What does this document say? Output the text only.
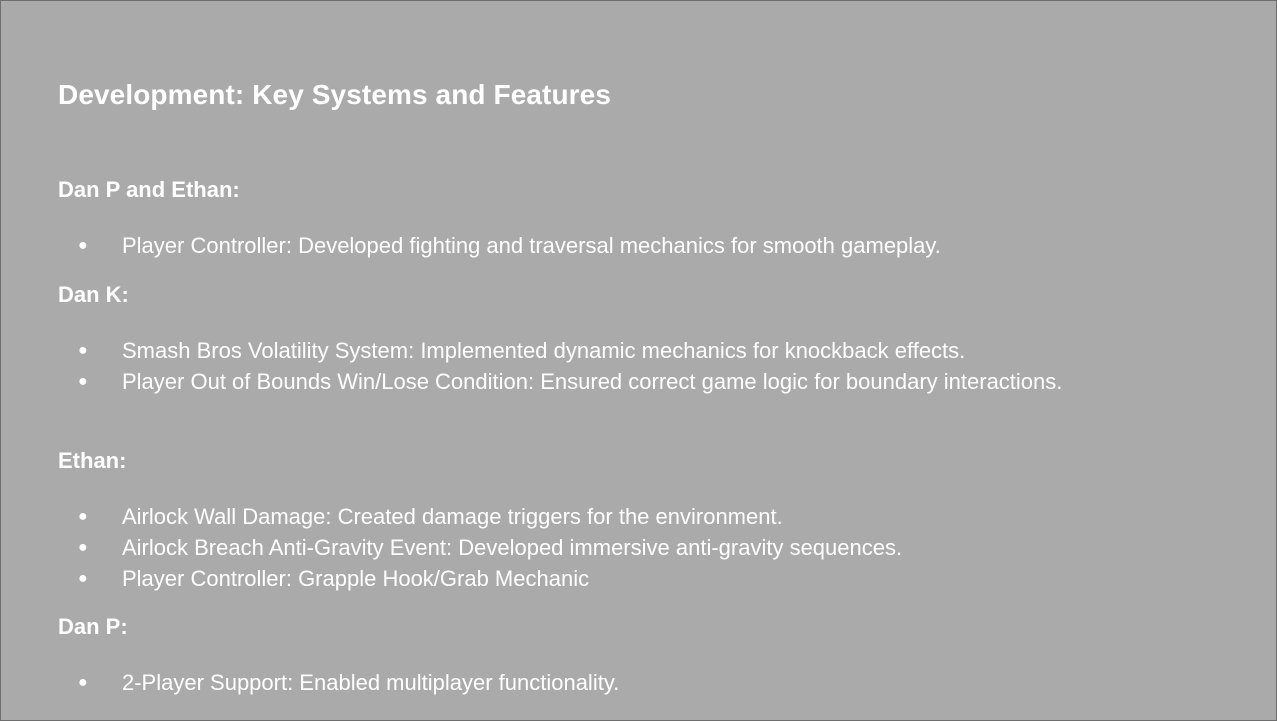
Development: Key Systems and Features

Dan P and Ethan:

● Player Controller: Developed fighting and traversal mechanics for smooth gameplay.

Dan K:

● Smash Bros Volatility System: Implemented dynamic mechanics for knockback effects.
● Player Out of Bounds Win/Lose Condition: Ensured correct game logic for boundary interactions.

Ethan:

● Airlock Wall Damage: Created damage triggers for the environment.
● Airlock Breach Anti-Gravity Event: Developed immersive anti-gravity sequences.
● Player Controller: Grapple Hook/Grab Mechanic

Dan P:

● 2-Player Support: Enabled multiplayer functionality.
